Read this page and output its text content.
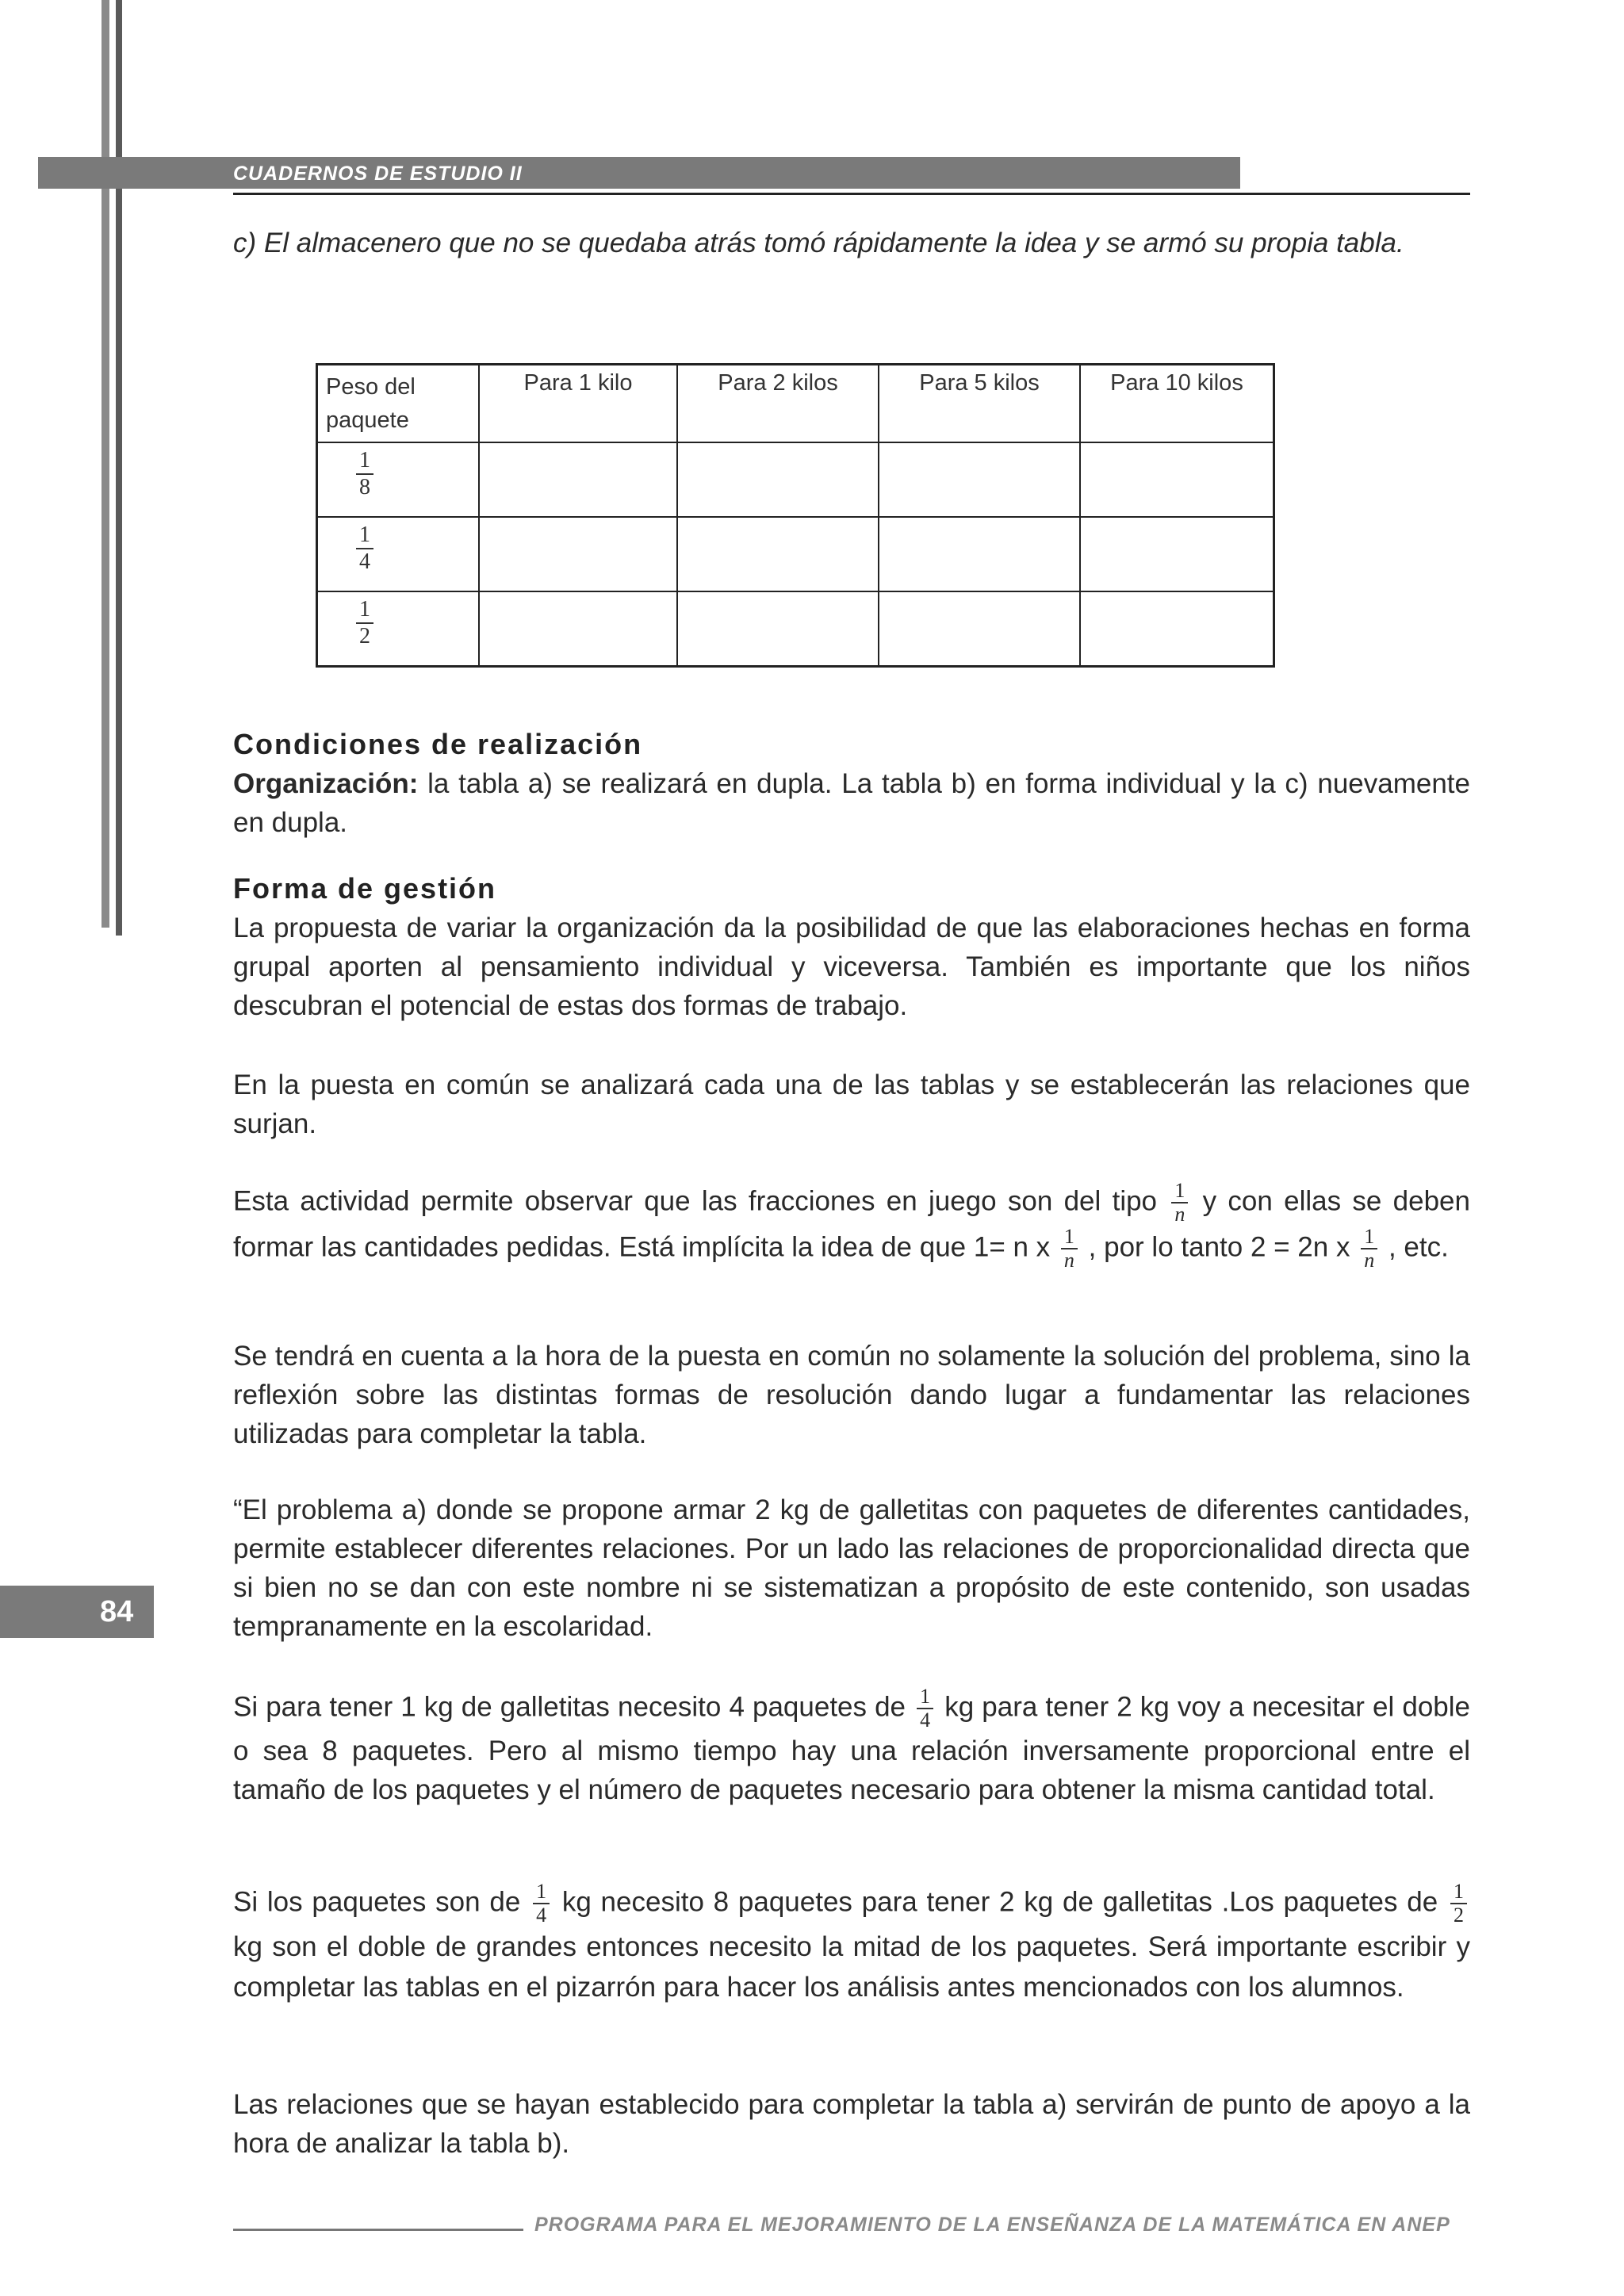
CUADERNOS DE ESTUDIO II

c) El almacenero que no se quedaba atrás tomó rápidamente la idea y se armó su propia tabla.

Peso del paquete	Para 1 kilo	Para 2 kilos	Para 5 kilos	Para 10 kilos

$\frac{1}{8}$

$\frac{1}{4}$

$\frac{1}{2}$

Condiciones de realización

Organización: la tabla a) se realizará en dupla. La tabla b) en forma individual y la c) nuevamente en dupla.

Forma de gestión

La propuesta de variar la organización da la posibilidad de que las elaboraciones hechas en forma grupal aporten al pensamiento individual y viceversa. También es importante que los niños descubran el potencial de estas dos formas de trabajo.

En la puesta en común se analizará cada una de las tablas y se establecerán las relaciones que surjan.

Esta actividad permite observar que las fracciones en juego son del tipo $\frac{1}{n}$ y con ellas se deben formar las cantidades pedidas. Está implícita la idea de que 1= n x $\frac{1}{n}$ , por lo tanto 2 = 2n x $\frac{1}{n}$ , etc.

Se tendrá en cuenta a la hora de la puesta en común no solamente la solución del problema, sino la reflexión sobre las distintas formas de resolución dando lugar a fundamentar las relaciones utilizadas para completar la tabla.

“El problema a) donde se propone armar 2 kg de galletitas con paquetes de diferentes cantidades, permite establecer diferentes relaciones. Por un lado las relaciones de proporcionalidad directa que si bien no se dan con este nombre ni se sistematizan a propósito de este contenido, son usadas tempranamente en la escolaridad.

Si para tener 1 kg de galletitas necesito 4 paquetes de $\frac{1}{4}$ kg para tener 2 kg voy a necesitar el doble o sea 8 paquetes. Pero al mismo tiempo hay una relación inversamente proporcional entre el tamaño de los paquetes y el número de paquetes necesario para obtener la misma cantidad total.

Si los paquetes son de $\frac{1}{4}$ kg necesito 8 paquetes para tener 2 kg de galletitas .Los paquetes de $\frac{1}{2}$
kg son el doble de grandes entonces necesito la mitad de los paquetes. Será importante escribir y completar las tablas en el pizarrón para hacer los análisis antes mencionados con los alumnos.

Las relaciones que se hayan establecido para completar la tabla a) servirán de punto de apoyo a la hora de analizar la tabla b).

84
PROGRAMA PARA EL MEJORAMIENTO DE LA ENSEÑANZA DE LA MATEMÁTICA EN ANEP
